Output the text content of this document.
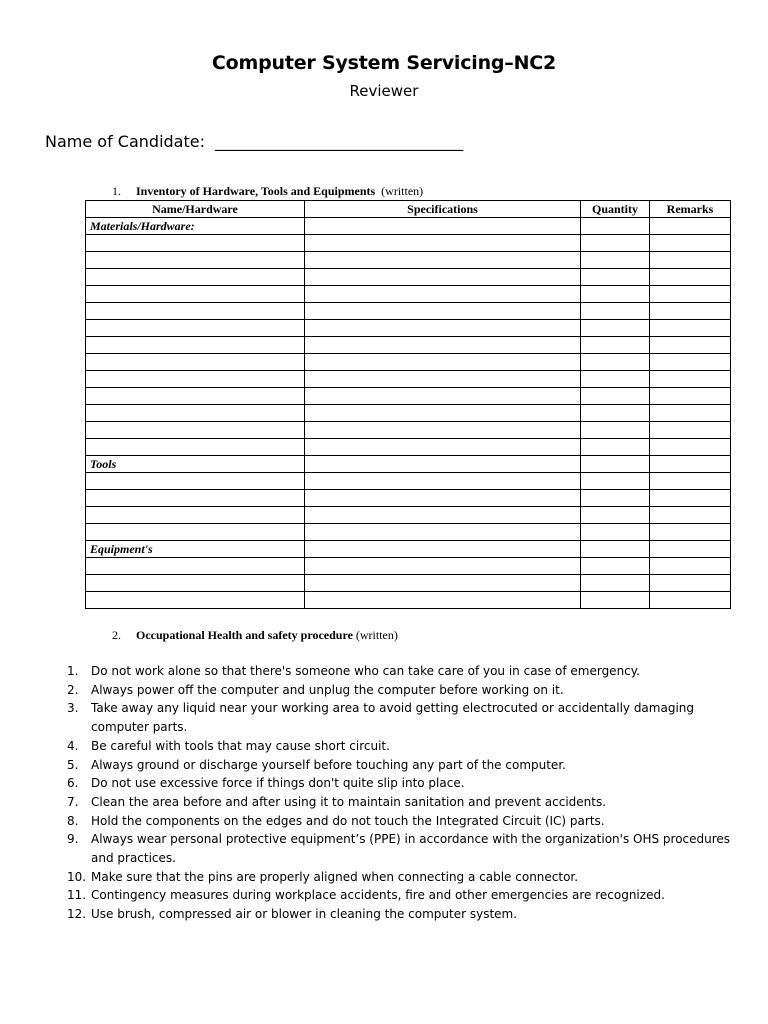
Computer System Servicing–NC2
Reviewer
Name of Candidate: _______________________________
1. Inventory of Hardware, Tools and Equipments (written)
Name/Hardware	Specifications	Quantity	Remarks
Materials/Hardware:			

Tools			

Equipment's			

2. Occupational Health and safety procedure (written)
1.	Do not work alone so that there's someone who can take care of you in case of emergency.
2.	Always power off the computer and unplug the computer before working on it.
3.	Take away any liquid near your working area to avoid getting electrocuted or accidentally damaging computer parts.
4.	Be careful with tools that may cause short circuit.
5.	Always ground or discharge yourself before touching any part of the computer.
6.	Do not use excessive force if things don't quite slip into place.
7.	Clean the area before and after using it to maintain sanitation and prevent accidents.
8.	Hold the components on the edges and do not touch the Integrated Circuit (IC) parts.
9.	Always wear personal protective equipment’s (PPE) in accordance with the organization's OHS procedures and practices.
10. Make sure that the pins are properly aligned when connecting a cable connector.
11. Contingency measures during workplace accidents, fire and other emergencies are recognized.
12. Use brush, compressed air or blower in cleaning the computer system.
